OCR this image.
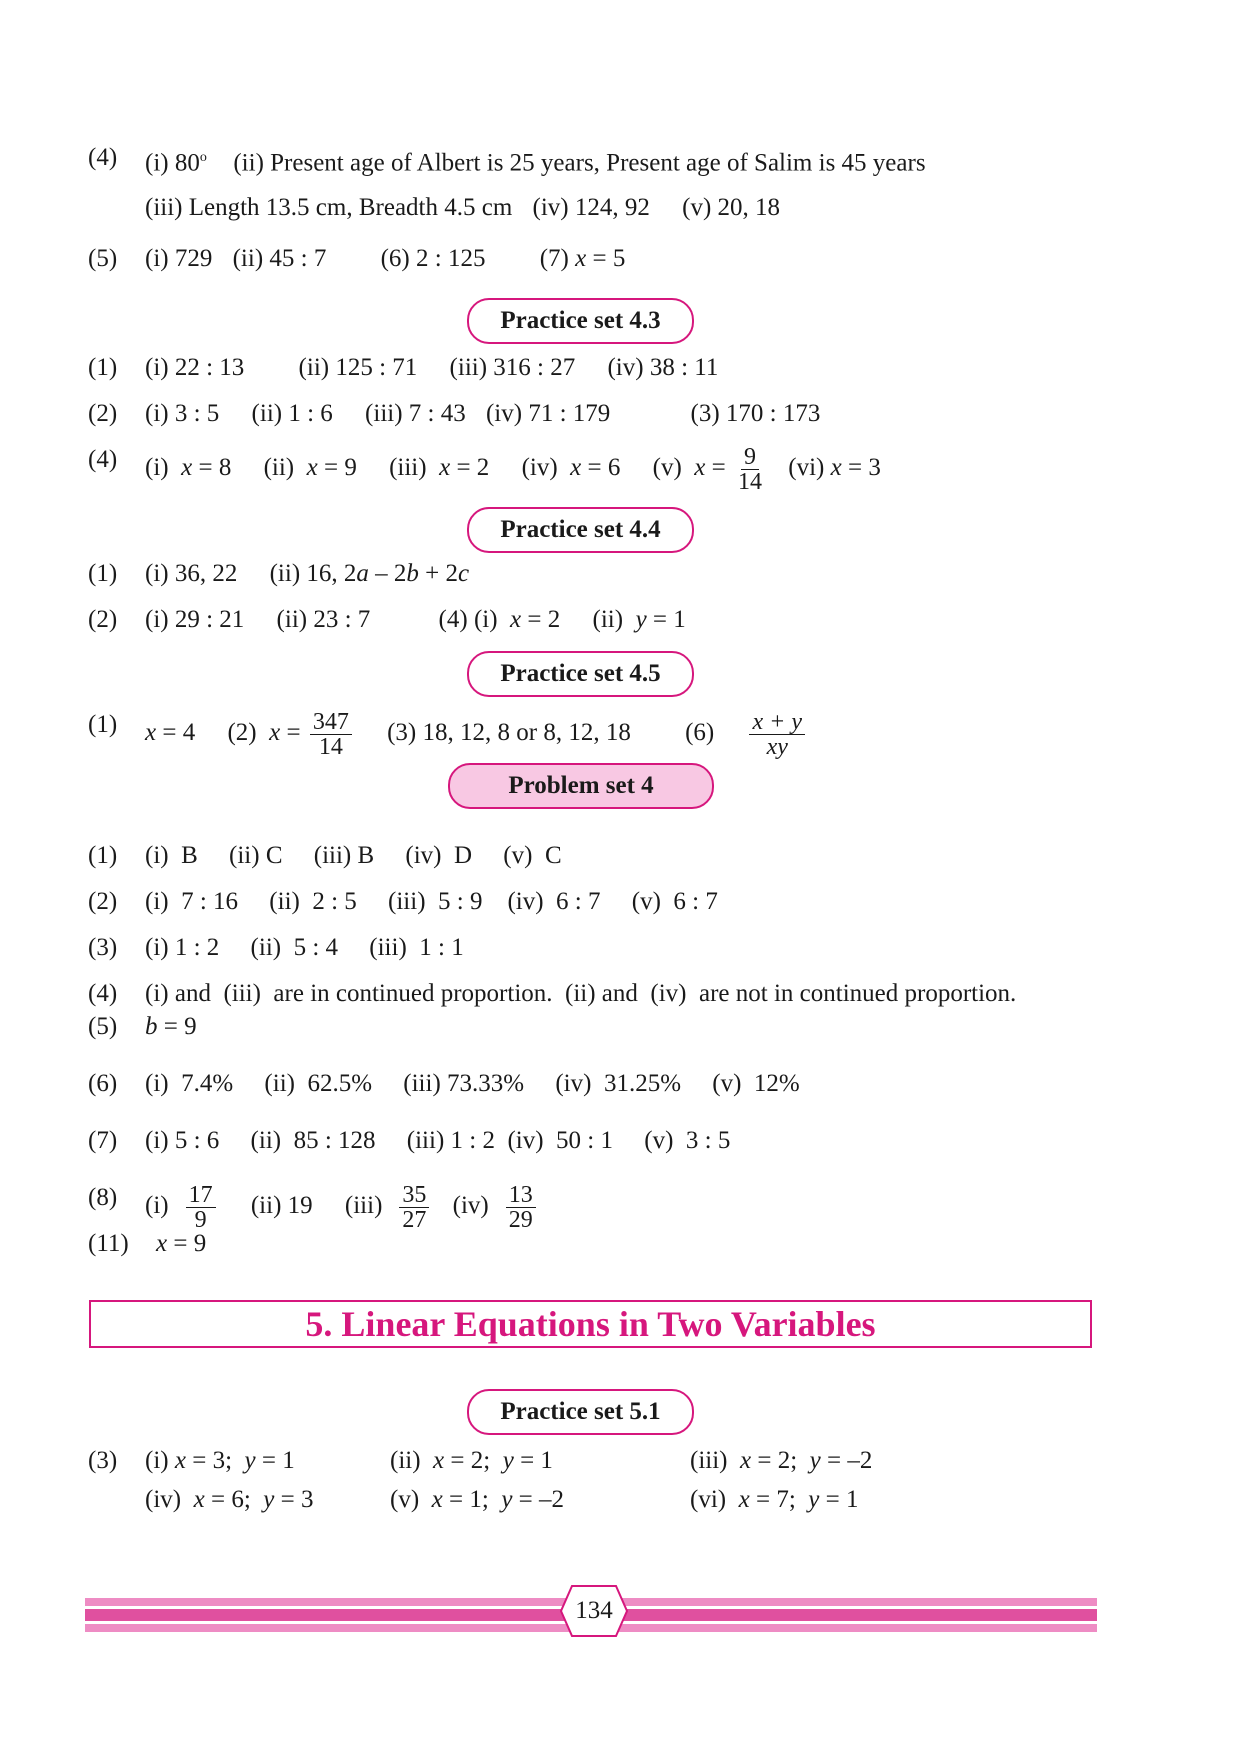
(4) (i) 80$^o$ (ii) Present age of Albert is 25 years, Present age of Salim is 45 years
(iii) Length 13.5 cm, Breadth 4.5 cm (iv) 124, 92 (v) 20, 18
(5) (i) 729 (ii) 45 : 7 (6) 2 : 125 (7) x = 5
Practice set 4.3
(1) (i) 22 : 13 (ii) 125 : 71 (iii) 316 : 27 (iv) 38 : 11
(2) (i) 3 : 5 (ii) 1 : 6 (iii) 7 : 43 (iv) 71 : 179	(3) 170 : 173
(4) (i) x = 8 (ii) x = 9 (iii) x = 2 (iv) x = 6 (v) $x = \frac{9}{14} (vi) x = 3$
Practice set 4.4
(1) (i) 36, 22 (ii) 16, 2a – 2b + 2c
(2) (i) 29 : 21 (ii) 23 : 7	(4) (i) x = 2 (ii) y = 1
Practice set 4.5
(1) x = 4 (2) $x = \frac{347}{14} (3)$ 18, 12, 8 or 8, 12, 18 $(6) \frac{x + y}{xy}$
Problem set 4
(1) (i)  B     (ii) C     (iii) B     (iv)  D     (v)  C
(2) (i)  7 : 16     (ii)  2 : 5     (iii)  5 : 9    (iv)  6 : 7     (v)  6 : 7
(3) (i) 1 : 2     (ii)  5 : 4     (iii)  1 : 1
(4) (i) and  (iii)  are in continued proportion.  (ii) and  (iv)  are not in continued proportion.
(5) b = 9
(6) (i)  7.4%     (ii)  62.5%     (iii) 73.33%     (iv)  31.25%     (v)  12%
(7) (i) 5 : 6     (ii)  85 : 128     (iii) 1 : 2  (iv)  50 : 1     (v)  3 : 5
(8) $(i) \frac{17}{9} (ii)$ 19 $(iii) \frac{35}{27} (iv) \frac{13}{29}$
(11) x = 9
5. Linear Equations in Two Variables
Practice set 5.1
(3) (i) x = 3;  y = 1	(ii)  x = 2;  y = 1	(iii)  x = 2;  y = –2
(iv)  x = 6;  y = 3	(v)  x = 1;  y = –2	(vi)  x = 7;  y = 1
134
